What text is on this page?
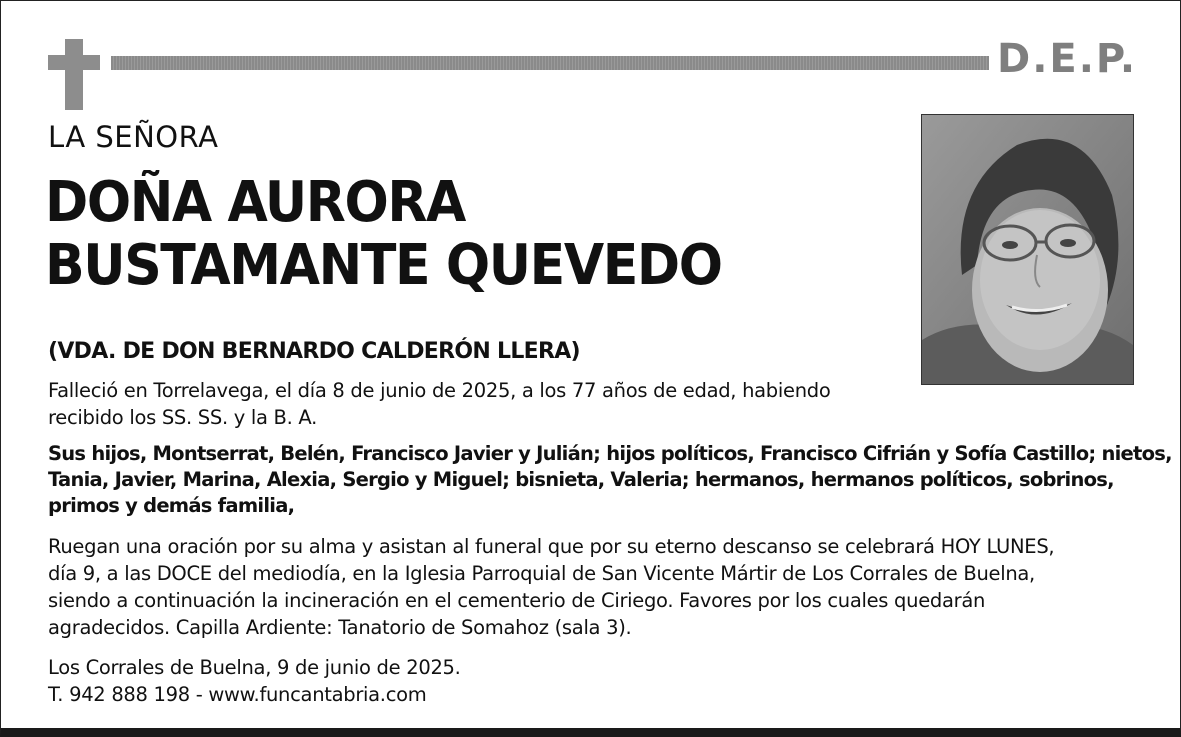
D.E.P.
LA SEÑORA
DOÑA AURORA
BUSTAMANTE QUEVEDO
(VDA. DE DON BERNARDO CALDERÓN LLERA)
Falleció en Torrelavega, el día 8 de junio de 2025, a los 77 años de edad, habiendo
recibido los SS. SS. y la B. A.
Sus hijos, Montserrat, Belén, Francisco Javier y Julián; hijos políticos, Francisco Cifrián y Sofía Castillo; nietos,
Tania, Javier, Marina, Alexia, Sergio y Miguel; bisnieta, Valeria; hermanos, hermanos políticos, sobrinos,
primos y demás familia,
Ruegan una oración por su alma y asistan al funeral que por su eterno descanso se celebrará HOY LUNES,
día 9, a las DOCE del mediodía, en la Iglesia Parroquial de San Vicente Mártir de Los Corrales de Buelna,
siendo a continuación la incineración en el cementerio de Ciriego. Favores por los cuales quedarán
agradecidos. Capilla Ardiente: Tanatorio de Somahoz (sala 3).
Los Corrales de Buelna, 9 de junio de 2025.
T. 942 888 198 - www.funcantabria.com
